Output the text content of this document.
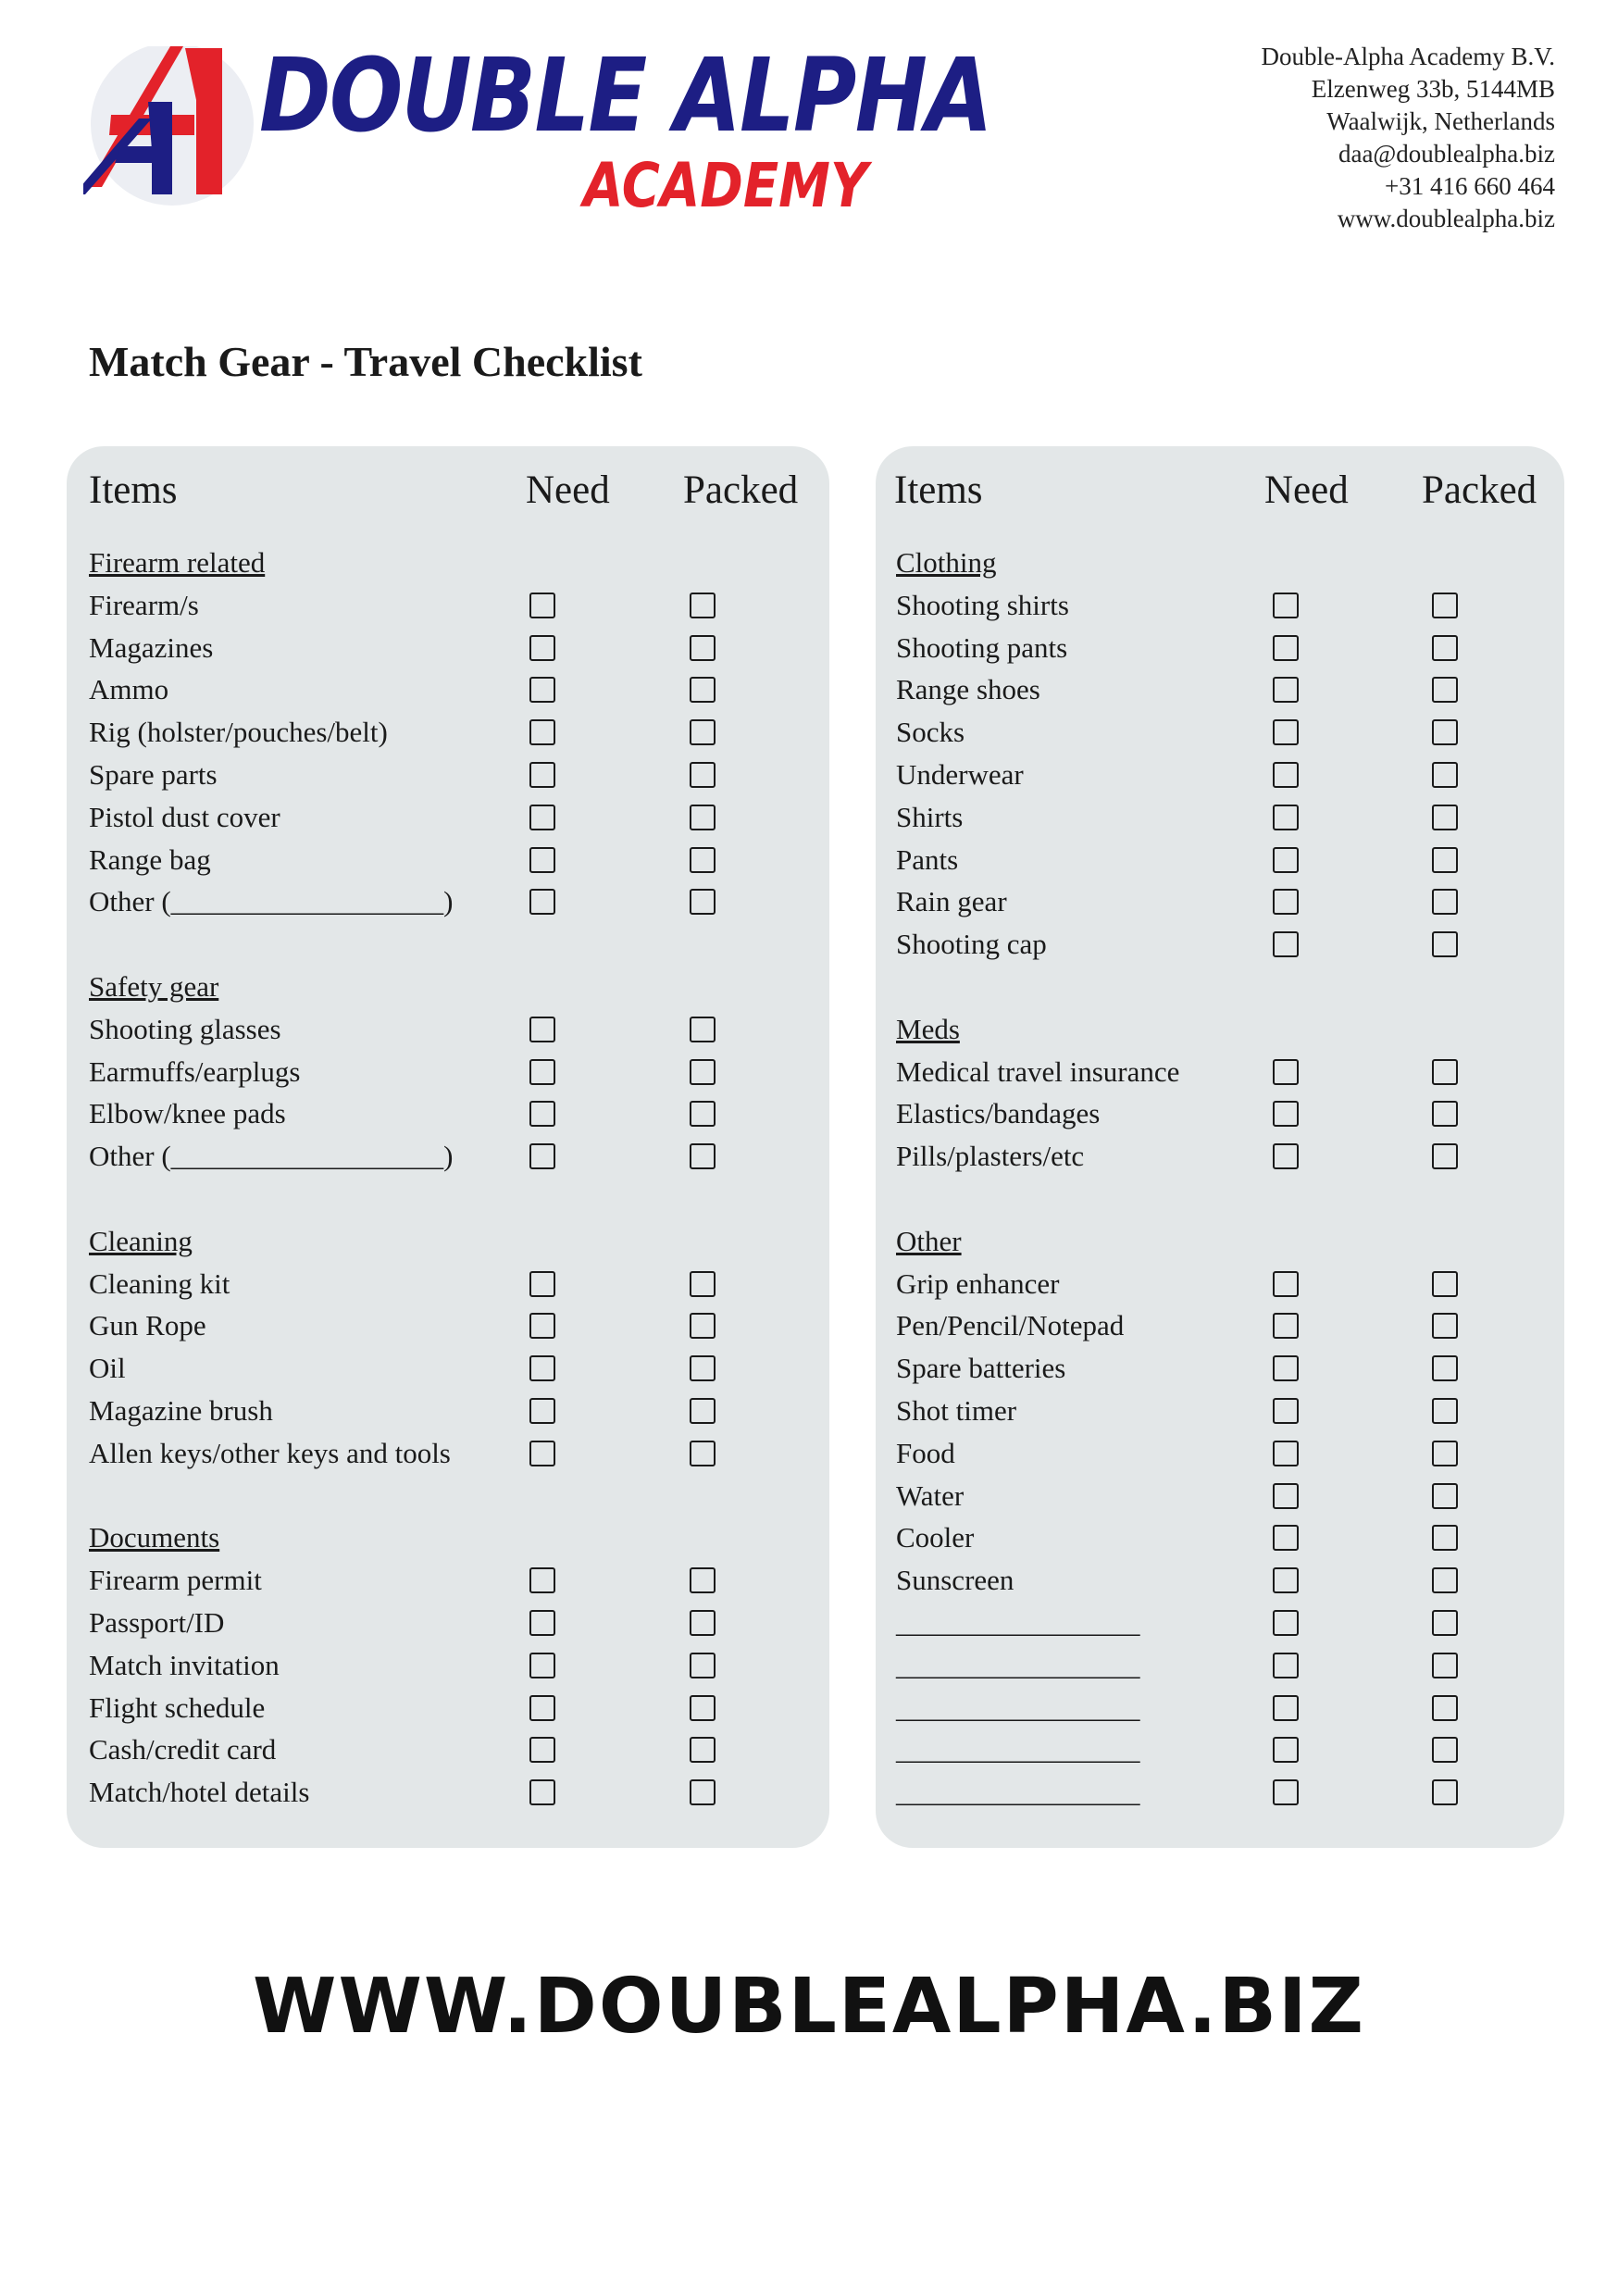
DOUBLE ALPHA
ACADEMY
Double-Alpha Academy B.V.
Elzenweg 33b, 5144MB
Waalwijk, Netherlands
daa@doublealpha.biz
+31 416 660 464
www.doublealpha.biz
Match Gear - Travel Checklist
Items	Need Packed Items	Need Packed
Firearm related
Firearm/s
Magazines
Ammo
Rig (holster/pouches/belt)
Spare parts
Pistol dust cover
Range bag
Other (___________________)
Safety gear
Shooting glasses
Earmuffs/earplugs
Elbow/knee pads
Other (___________________)
Cleaning
Cleaning kit
Gun Rope
Oil
Magazine brush
Allen keys/other keys and tools
Documents
Firearm permit
Passport/ID
Match invitation
Flight schedule
Cash/credit card
Match/hotel details
Clothing
Shooting shirts
Shooting pants
Range shoes
Socks
Underwear
Shirts
Pants
Rain gear
Shooting cap
Meds
Medical travel insurance
Elastics/bandages
Pills/plasters/etc
Other
Grip enhancer
Pen/Pencil/Notepad
Spare batteries
Shot timer
Food
Water
Cooler
Sunscreen
_________________
_________________
_________________
_________________
_________________
WWW.DOUBLEALPHA.BIZ
